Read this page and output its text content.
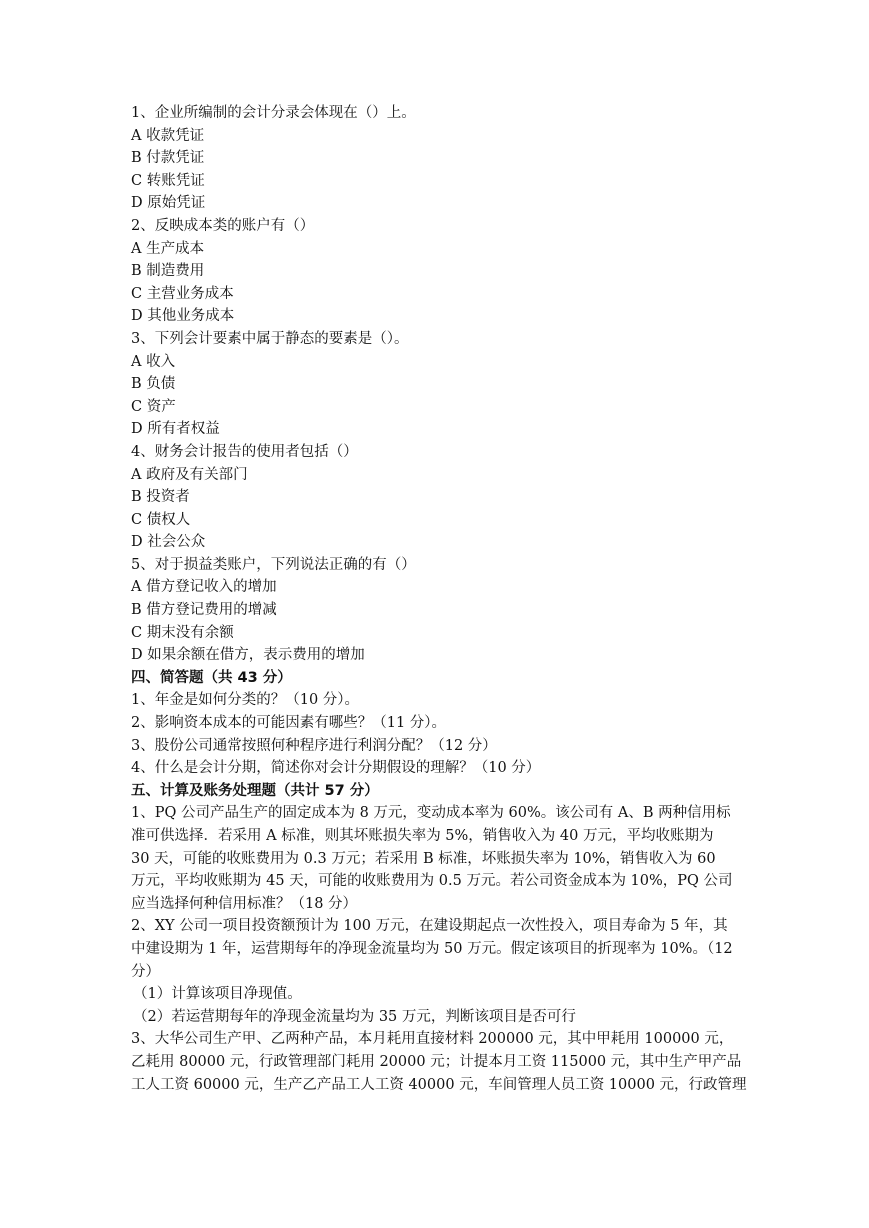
1、企业所编制的会计分录会体现在（）上。
A 收款凭证
B 付款凭证
C 转账凭证
D 原始凭证
2、反映成本类的账户有（）
A 生产成本
B 制造费用
C 主营业务成本
D 其他业务成本
3、下列会计要素中属于静态的要素是（）。
A 收入
B 负债
C 资产
D 所有者权益
4、财务会计报告的使用者包括（）
A 政府及有关部门
B 投资者
C 债权人
D 社会公众
5、对于损益类账户，下列说法正确的有（）
A 借方登记收入的增加
B 借方登记费用的增减
C 期末没有余额
D 如果余额在借方，表示费用的增加
四、简答题（共 43 分）
1、年金是如何分类的？（10 分）。
2、影响资本成本的可能因素有哪些？（11 分）。
3、股份公司通常按照何种程序进行利润分配？（12 分）
4、什么是会计分期，简述你对会计分期假设的理解？（10 分）
五、计算及账务处理题（共计 57 分）
1、PQ 公司产品生产的固定成本为 8 万元，变动成本率为 60%。该公司有 A、B 两种信用标
准可供选择．若采用 A 标准，则其坏账损失率为 5%，销售收入为 40 万元，平均收账期为
30 天，可能的收账费用为 0.3 万元；若采用 B 标准，坏账损失率为 10%，销售收入为 60
万元，平均收账期为 45 天，可能的收账费用为 0.5 万元。若公司资金成本为 10%，PQ 公司
应当选择何种信用标准？（18 分）
2、XY 公司一项目投资额预计为 100 万元，在建设期起点一次性投入，项目寿命为 5 年，其
中建设期为 1 年，运营期每年的净现金流量均为 50 万元。假定该项目的折现率为 10%。（12
分）
（1）计算该项目净现值。
（2）若运营期每年的净现金流量均为 35 万元，判断该项目是否可行
3、大华公司生产甲、乙两种产品，本月耗用直接材料 200000 元，其中甲耗用 100000 元，
乙耗用 80000 元，行政管理部门耗用 20000 元；计提本月工资 115000 元，其中生产甲产品
工人工资 60000 元，生产乙产品工人工资 40000 元，车间管理人员工资 10000 元，行政管理
